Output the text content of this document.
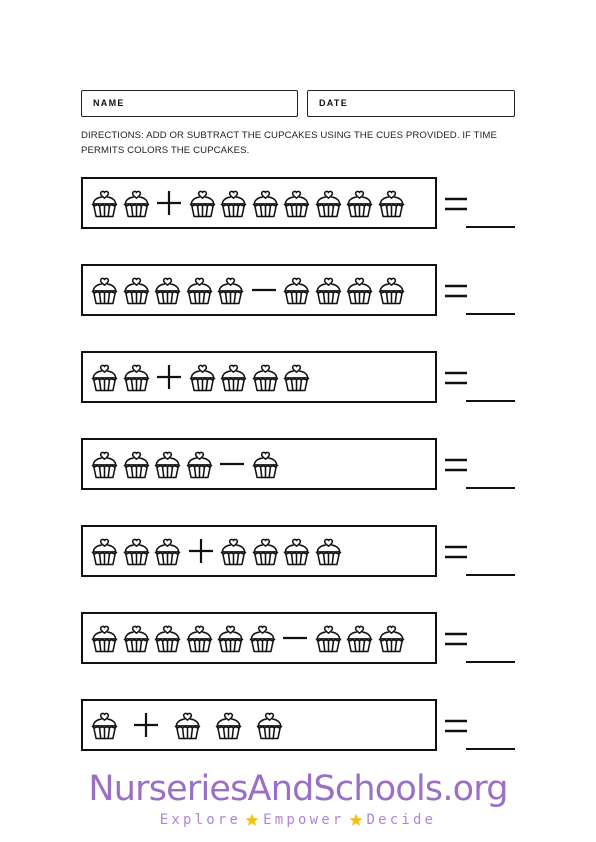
NAME	DATE
DIRECTIONS: ADD OR SUBTRACT THE CUPCAKES USING THE CUES PROVIDED. IF TIME PERMITS COLORS THE CUPCAKES.
NurseriesAndSchools.org
Explore Empower Decide
